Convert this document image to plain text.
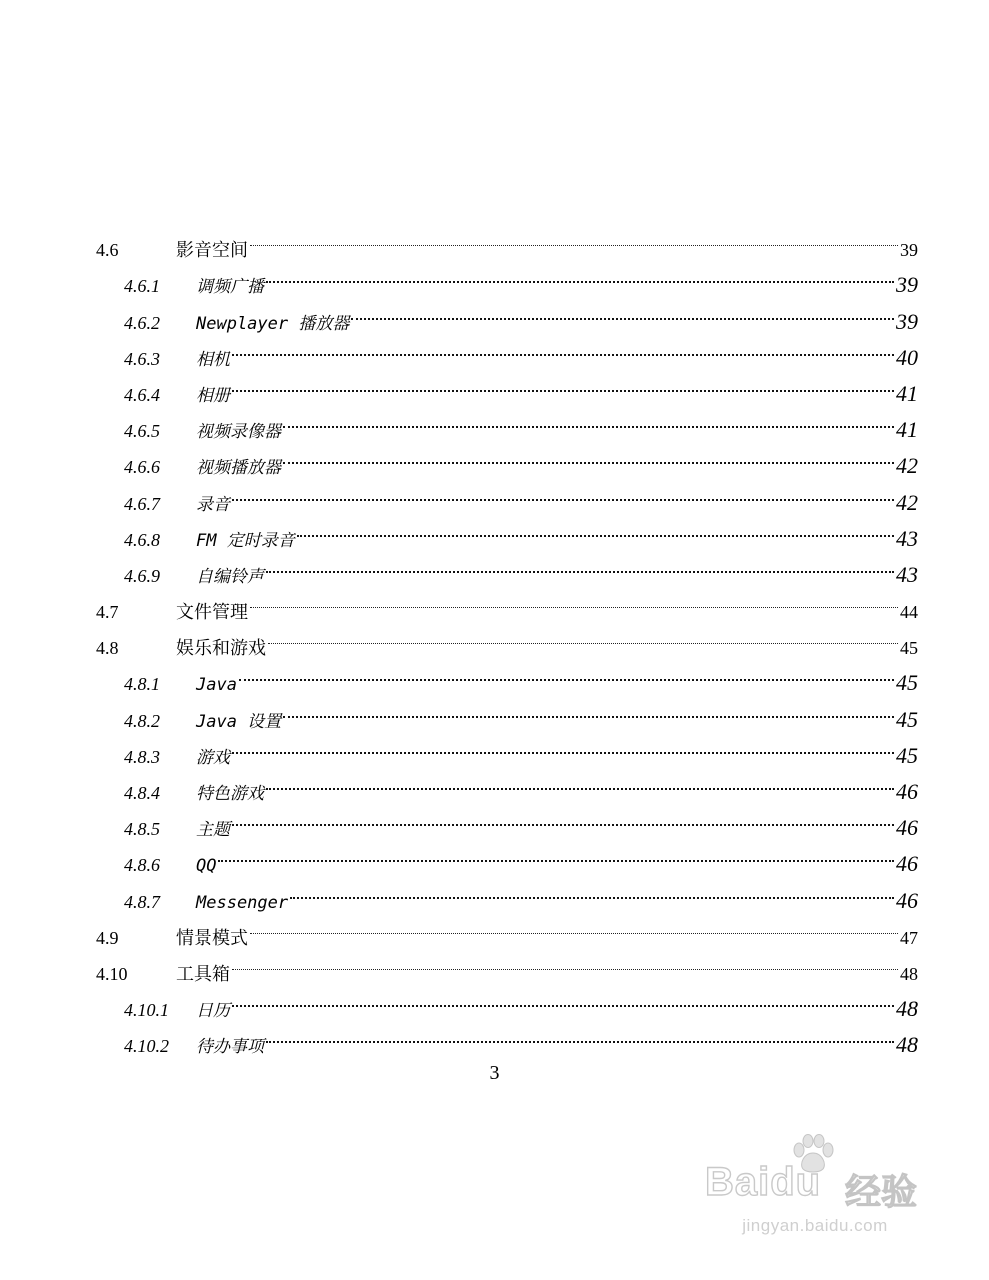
4.6	影音空间	39
4.6.1	调频广播	39
4.6.2	Newplayer 播放器	39
4.6.3	相机	40
4.6.4	相册	41
4.6.5	视频录像器	41
4.6.6	视频播放器	42
4.6.7	录音	42
4.6.8	FM 定时录音	43
4.6.9	自编铃声	43
4.7	文件管理	44
4.8	娱乐和游戏	45
4.8.1	Java	45
4.8.2	Java 设置	45
4.8.3	游戏	45
4.8.4	特色游戏	46
4.8.5	主题	46
4.8.6	QQ	46
4.8.7	Messenger	46
4.9	情景模式	47
4.10	工具箱	48
4.10.1	日历	48
4.10.2	待办事项	48
3
Baidu 经验
jingyan.baidu.com
